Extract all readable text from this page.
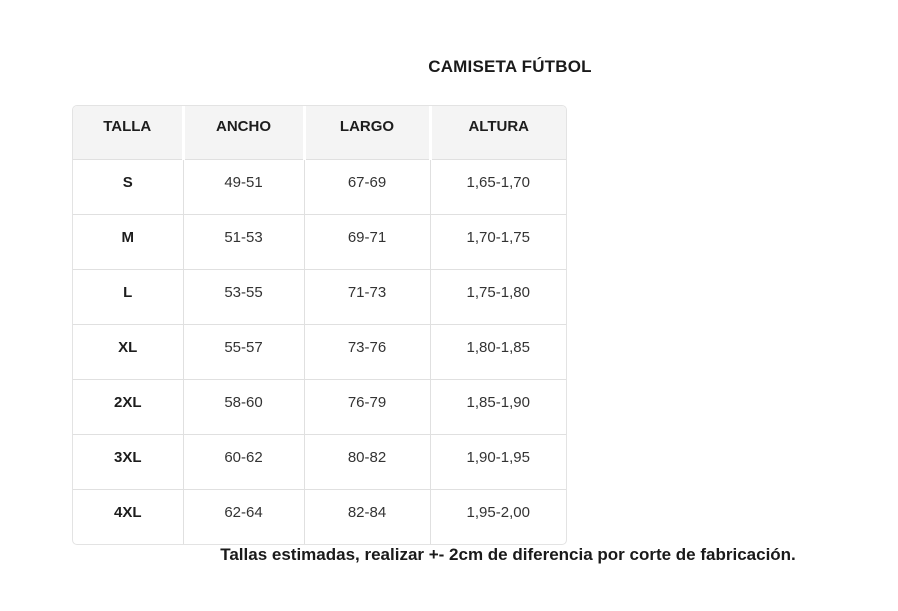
CAMISETA FÚTBOL
TALLA	ANCHO	LARGO	ALTURA
S	49-51	67-69	1,65-1,70
M	51-53	69-71	1,70-1,75
L	53-55	71-73	1,75-1,80
XL	55-57	73-76	1,80-1,85
2XL	58-60	76-79	1,85-1,90
3XL	60-62	80-82	1,90-1,95
4XL	62-64	82-84	1,95-2,00
Tallas estimadas, realizar +- 2cm de diferencia por corte de fabricación.
